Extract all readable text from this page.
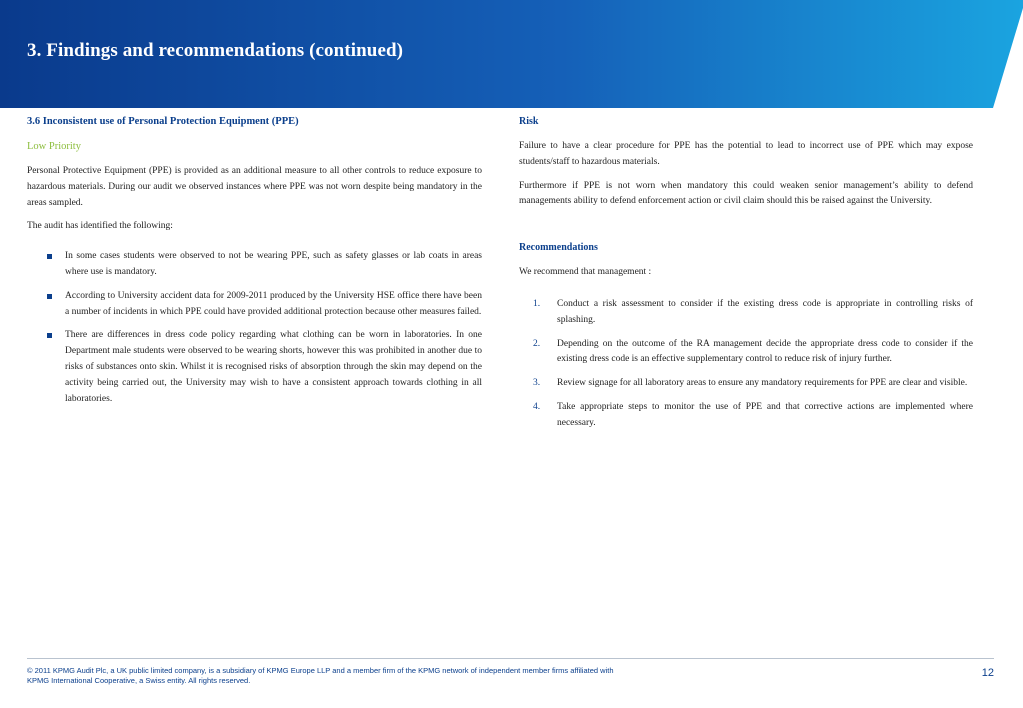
3. Findings and recommendations (continued)
3.6 Inconsistent use of Personal Protection Equipment (PPE)
Low Priority

Personal Protective Equipment (PPE) is provided as an additional measure to all other controls to reduce exposure to hazardous materials. During our audit we observed instances where PPE was not worn despite being mandatory in the areas sampled.

The audit has identified the following:

In some cases students were observed to not be wearing PPE, such as safety glasses or lab coats in areas where use is mandatory.
According to University accident data for 2009-2011 produced by the University HSE office there have been a number of incidents in which PPE could have provided additional protection because other measures failed.
There are differences in dress code policy regarding what clothing can be worn in laboratories. In one Department male students were observed to be wearing shorts, however this was prohibited in another due to risks of substances onto skin. Whilst it is recognised risks of absorption through the skin may depend on the activity being carried out, the University may wish to have a consistent approach towards clothing in all laboratories.
Risk

Failure to have a clear procedure for PPE has the potential to lead to incorrect use of PPE which may expose students/staff to hazardous materials.

Furthermore if PPE is not worn when mandatory this could weaken senior management’s ability to defend managements ability to defend enforcement action or civil claim should this be raised against the University.

Recommendations

We recommend that management :

1. Conduct a risk assessment to consider if the existing dress code is appropriate in controlling risks of splashing.
2. Depending on the outcome of the RA management decide the appropriate dress code to consider if the existing dress code is an effective supplementary control to reduce risk of injury further.
3. Review signage for all laboratory areas to ensure any mandatory requirements for PPE are clear and visible.
4. Take appropriate steps to monitor the use of PPE and that corrective actions are implemented where necessary.
© 2011 KPMG Audit Plc, a UK public limited company, is a subsidiary of KPMG Europe LLP and a member firm of the KPMG network of independent member firms affiliated with
KPMG International Cooperative, a Swiss entity. All rights reserved.
12
